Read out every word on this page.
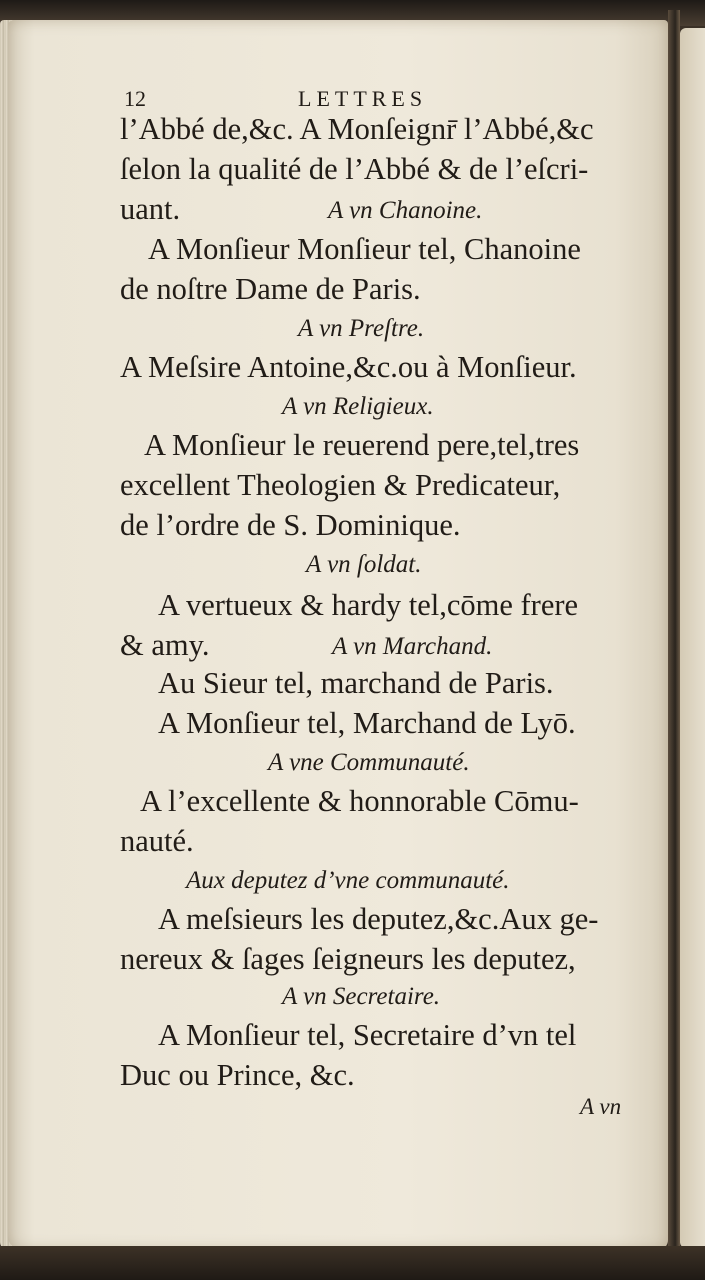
12	LETTRES
l’Abbé de,&c. A Monſeignr̄ l’Abbé,&c
ſelon la qualité de l’Abbé & de l’eſcri-
uant.	A vn Chanoine.
A Monſieur Monſieur tel, Chanoine
de noſtre Dame de Paris.
A vn Preſtre.
A Meſsire Antoine,&c.ou à Monſieur.
A vn Religieux.
A Monſieur le reuerend pere,tel,tres
excellent Theologien & Predicateur,
de l’ordre de S. Dominique.
A vn ſoldat.
A vertueux & hardy tel,cōme frere
& amy.	A vn Marchand.
Au Sieur tel, marchand de Paris.
A Monſieur tel, Marchand de Lyō.
A vne Communauté.
A l’excellente & honnorable Cōmu-
nauté.
Aux deputez d’vne communauté.
A meſsieurs les deputez,&c.Aux ge-
nereux & ſages ſeigneurs les deputez,
A vn Secretaire.
A Monſieur tel, Secretaire d’vn tel
Duc ou Prince, &c.
A vn
